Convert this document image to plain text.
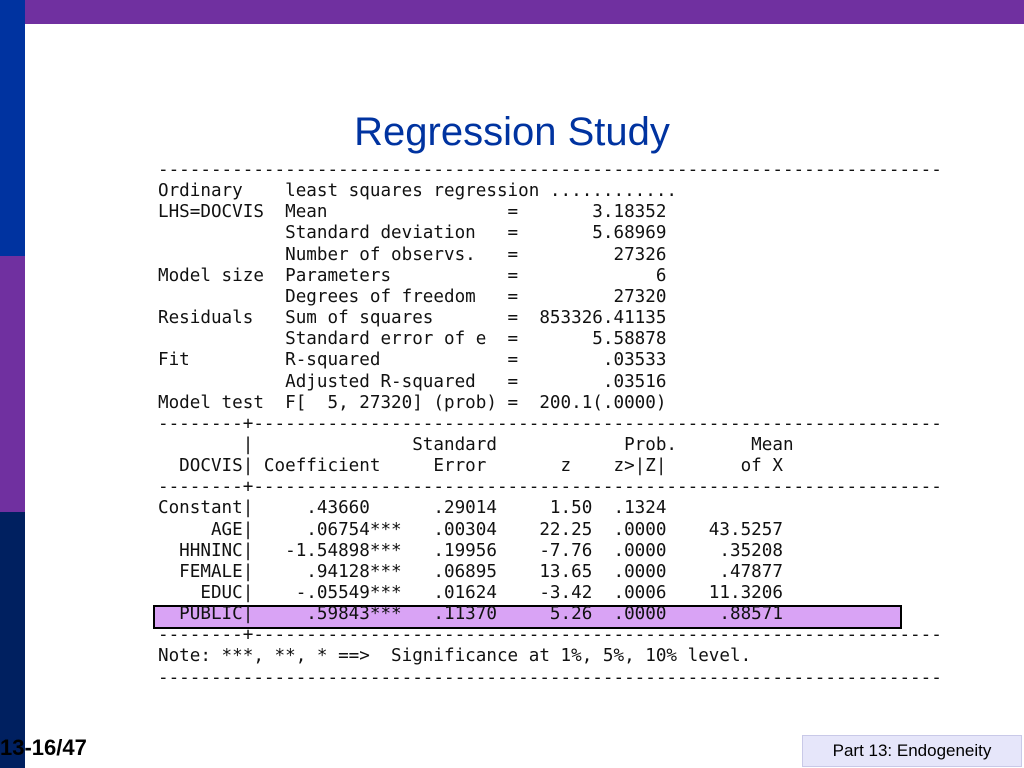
Regression Study
--------------------------------------------------------------------------
Ordinary    least squares regression ............
LHS=DOCVIS  Mean                 =       3.18352
Standard deviation   =       5.68969
Number of observs.   =         27326
Model size  Parameters           =             6
Degrees of freedom   =         27320
Residuals   Sum of squares       =  853326.41135
Standard error of e  =       5.58878
Fit         R-squared            =        .03533
Adjusted R-squared   =        .03516
Model test  F[  5, 27320] (prob) =  200.1(.0000)
--------+-----------------------------------------------------------------
|               Standard            Prob.       Mean
DOCVIS| Coefficient     Error       z    z>|Z|       of X
--------+-----------------------------------------------------------------
Constant|     .43660      .29014     1.50  .1324
AGE|     .06754***   .00304    22.25  .0000    43.5257
HHNINC|   -1.54898***   .19956    -7.76  .0000     .35208
FEMALE|     .94128***   .06895    13.65  .0000     .47877
EDUC|    -.05549***   .01624    -3.42  .0006    11.3206
PUBLIC|     .59843***   .11370     5.26  .0000     .88571
--------+-----------------------------------------------------------------
Note: ***, **, * ==>  Significance at 1%, 5%, 10% level.
--------------------------------------------------------------------------
13-16/47	Part 13: Endogeneity
